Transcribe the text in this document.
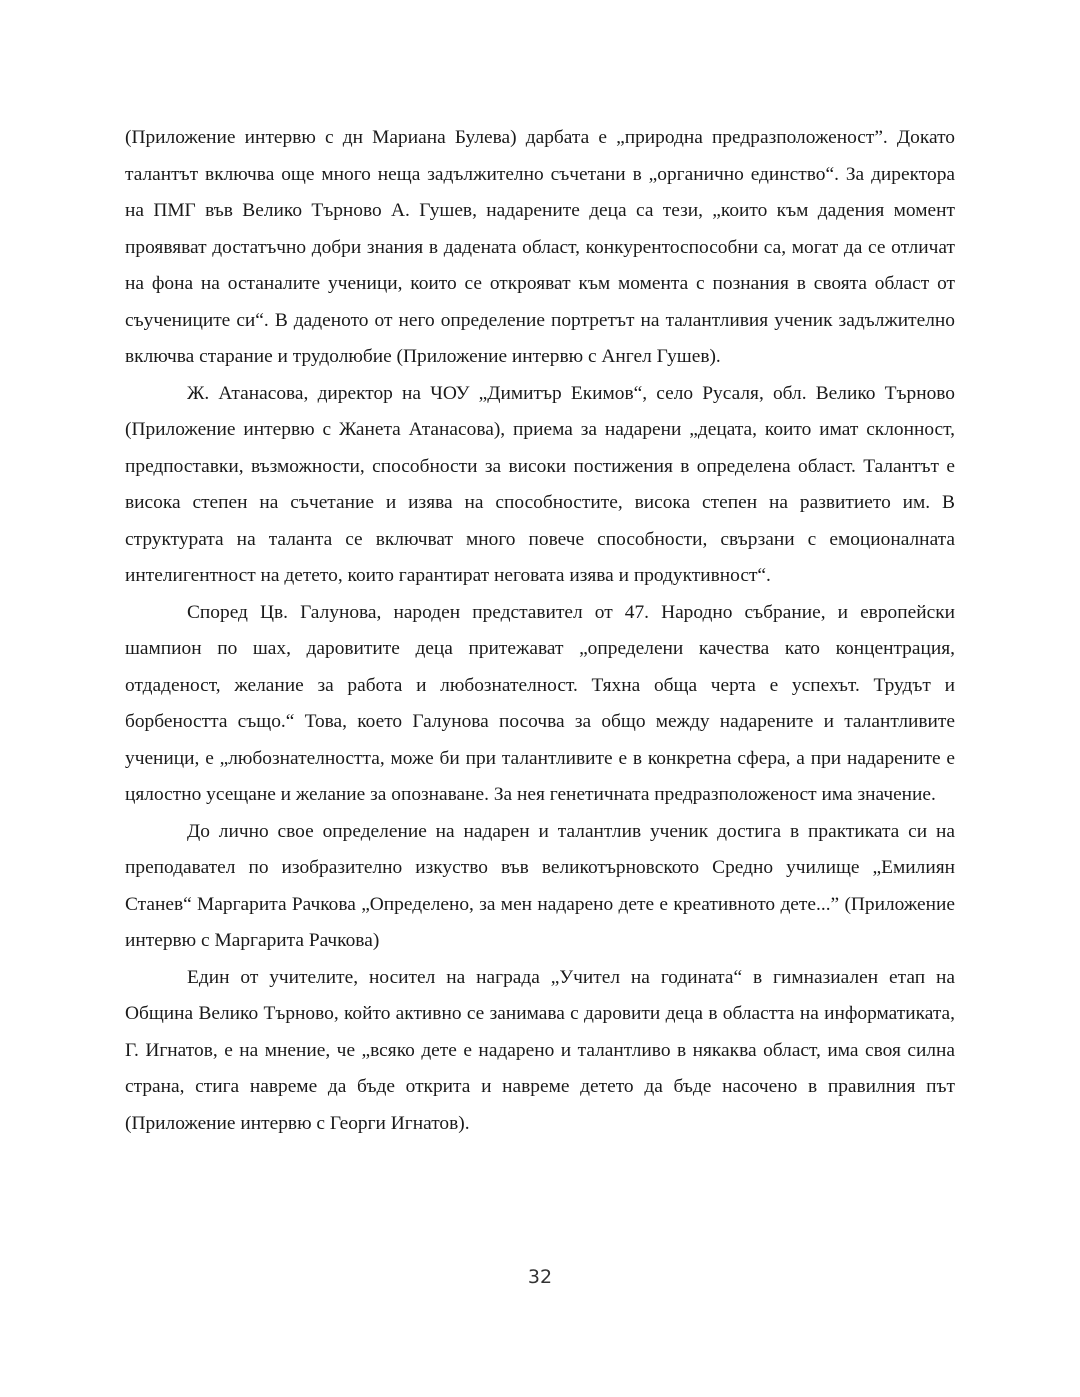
(Приложение интервю с дн Мариана Булева) дарбата е „природна предразположеност”. Докато талантът включва още много неща задължително съчетани в „органично единство“. За директора на ПМГ във Велико Търново А. Гушев, надарените деца са тези, „които към дадения момент проявяват достатъчно добри знания в дадената област, конкурентоспособни са, могат да се отличат на фона на останалите ученици, които се открояват към момента с познания в своята област от съучениците си“. В даденото от него определение портретът на талантливия ученик задължително включва старание и трудолюбие (Приложение интервю с Ангел Гушев).

Ж. Атанасова, директор на ЧОУ „Димитър Екимов“, село Русаля, обл. Велико Търново (Приложение интервю с Жанета Атанасова), приема за надарени „децата, които имат склонност, предпоставки, възможности, способности за високи постижения в определена област. Талантът е висока степен на съчетание и изява на способностите, висока степен на развитието им. В структурата на таланта се включват много повече способности, свързани с емоционалната интелигентност на детето, които гарантират неговата изява и продуктивност“.

Според Цв. Галунова, народен представител от 47. Народно събрание, и европейски шампион по шах, даровитите деца притежават „определени качества като концентрация, отдаденост, желание за работа и любознателност. Тяхна обща черта е успехът. Трудът и борбеността също.“ Това, което Галунова посочва за общо между надарените и талантливите ученици, е „любознателността, може би при талантливите е в конкретна сфера, а при надарените е цялостно усещане и желание за опознаване. За нея генетичната предразположеност има значение.

До лично свое определение на надарен и талантлив ученик достига в практиката си на преподавател по изобразително изкуство във великотърновското Средно училище „Емилиян Станев“ Маргарита Рачкова „Определено, за мен надарено дете е креативното дете...” (Приложение интервю с Маргарита Рачкова)

Един от учителите, носител на награда „Учител на годината“ в гимназиален етап на Община Велико Търново, който активно се занимава с даровити деца в областта на информатиката, Г. Игнатов, е на мнение, че „всяко дете е надарено и талантливо в някаква област, има своя силна страна, стига навреме да бъде открита и навреме детето да бъде насочено в правилния път (Приложение интервю с Георги Игнатов).

32
